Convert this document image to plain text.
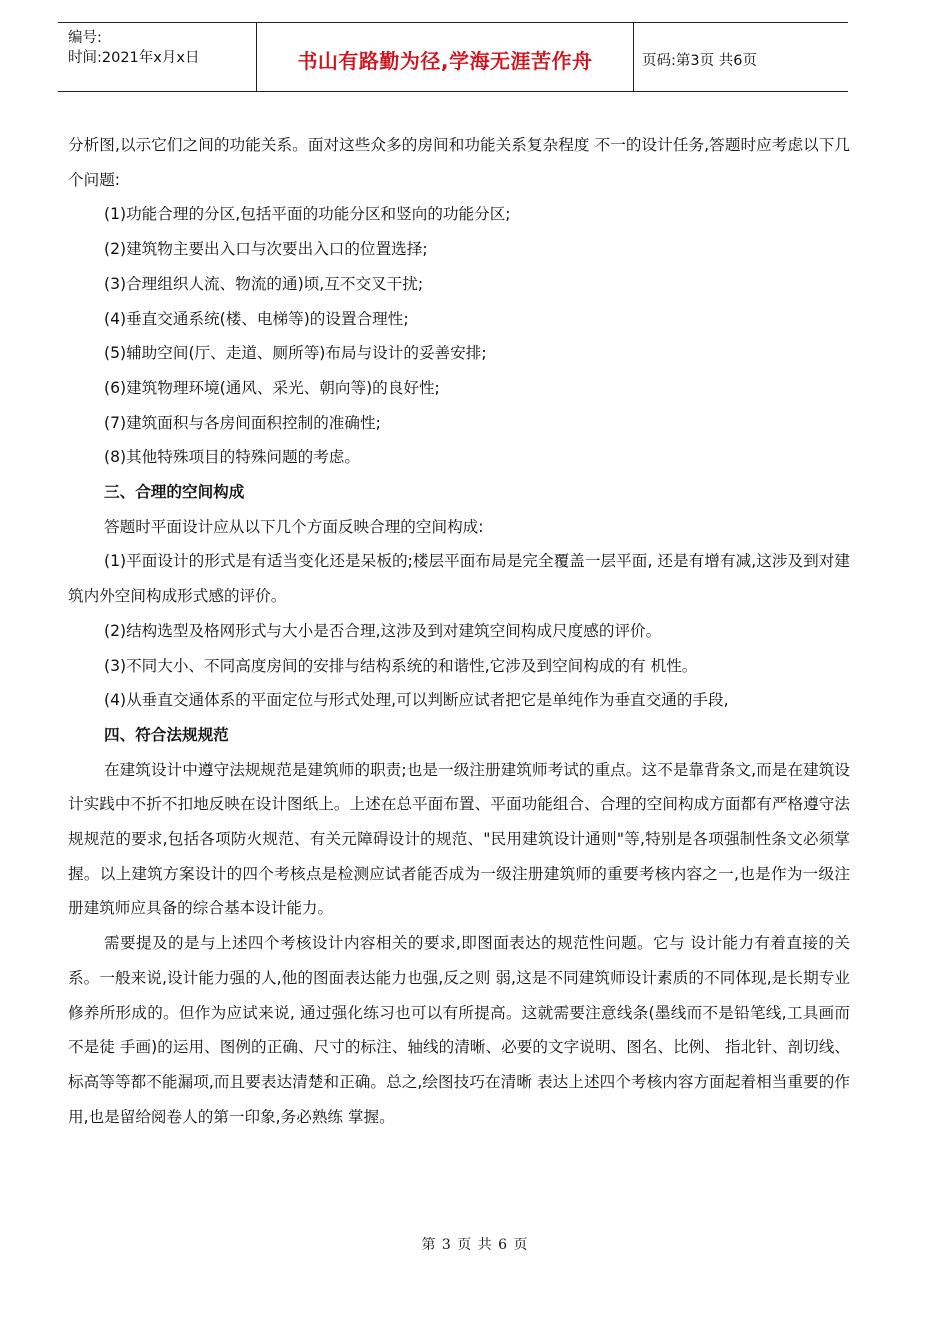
编号:
时间:2021年x月x日	书山有路勤为径,学海无涯苦作舟	页码:第3页 共6页

分析图,以示它们之间的功能关系。面对这些众多的房间和功能关系复杂程度 不一的设计任务,答题时应考虑以下几个问题:

(1)功能合理的分区,包括平面的功能分区和竖向的功能分区;

(2)建筑物主要出入口与次要出入口的位置选择;

(3)合理组织人流、物流的通)顷,互不交叉干扰;

(4)垂直交通系统(楼、电梯等)的设置合理性;

(5)辅助空间(厅、走道、厕所等)布局与设计的妥善安排;

(6)建筑物理环境(通风、采光、朝向等)的良好性;

(7)建筑面积与各房间面积控制的准确性;

(8)其他特殊项目的特殊问题的考虑。

三、合理的空间构成

答题时平面设计应从以下几个方面反映合理的空间构成:

(1)平面设计的形式是有适当变化还是呆板的;楼层平面布局是完全覆盖一层平面, 还是有增有减,这涉及到对建筑内外空间构成形式感的评价。

(2)结构选型及格网形式与大小是否合理,这涉及到对建筑空间构成尺度感的评价。

(3)不同大小、不同高度房间的安排与结构系统的和谐性,它涉及到空间构成的有 机性。

(4)从垂直交通体系的平面定位与形式处理,可以判断应试者把它是单纯作为垂直交通的手段,

四、符合法规规范

在建筑设计中遵守法规规范是建筑师的职责;也是一级注册建筑师考试的重点。这不是靠背条文,而是在建筑设计实践中不折不扣地反映在设计图纸上。上述在总平面布置、平面功能组合、合理的空间构成方面都有严格遵守法规规范的要求,包括各项防火规范、有关元障碍设计的规范、"民用建筑设计通则"等,特别是各项强制性条文必须掌握。以上建筑方案设计的四个考核点是检测应试者能否成为一级注册建筑师的重要考核内容之一,也是作为一级注册建筑师应具备的综合基本设计能力。

需要提及的是与上述四个考核设计内容相关的要求,即图面表达的规范性问题。它与 设计能力有着直接的关系。一般来说,设计能力强的人,他的图面表达能力也强,反之则 弱,这是不同建筑师设计素质的不同体现,是长期专业修养所形成的。但作为应试来说, 通过强化练习也可以有所提高。这就需要注意线条(墨线而不是铅笔线,工具画而不是徒 手画)的运用、图例的正确、尺寸的标注、轴线的清晰、必要的文字说明、图名、比例、 指北针、剖切线、标高等等都不能漏项,而且要表达清楚和正确。总之,绘图技巧在清晰 表达上述四个考核内容方面起着相当重要的作用,也是留给阅卷人的第一印象,务必熟练 掌握。

第 3 页 共 6 页
